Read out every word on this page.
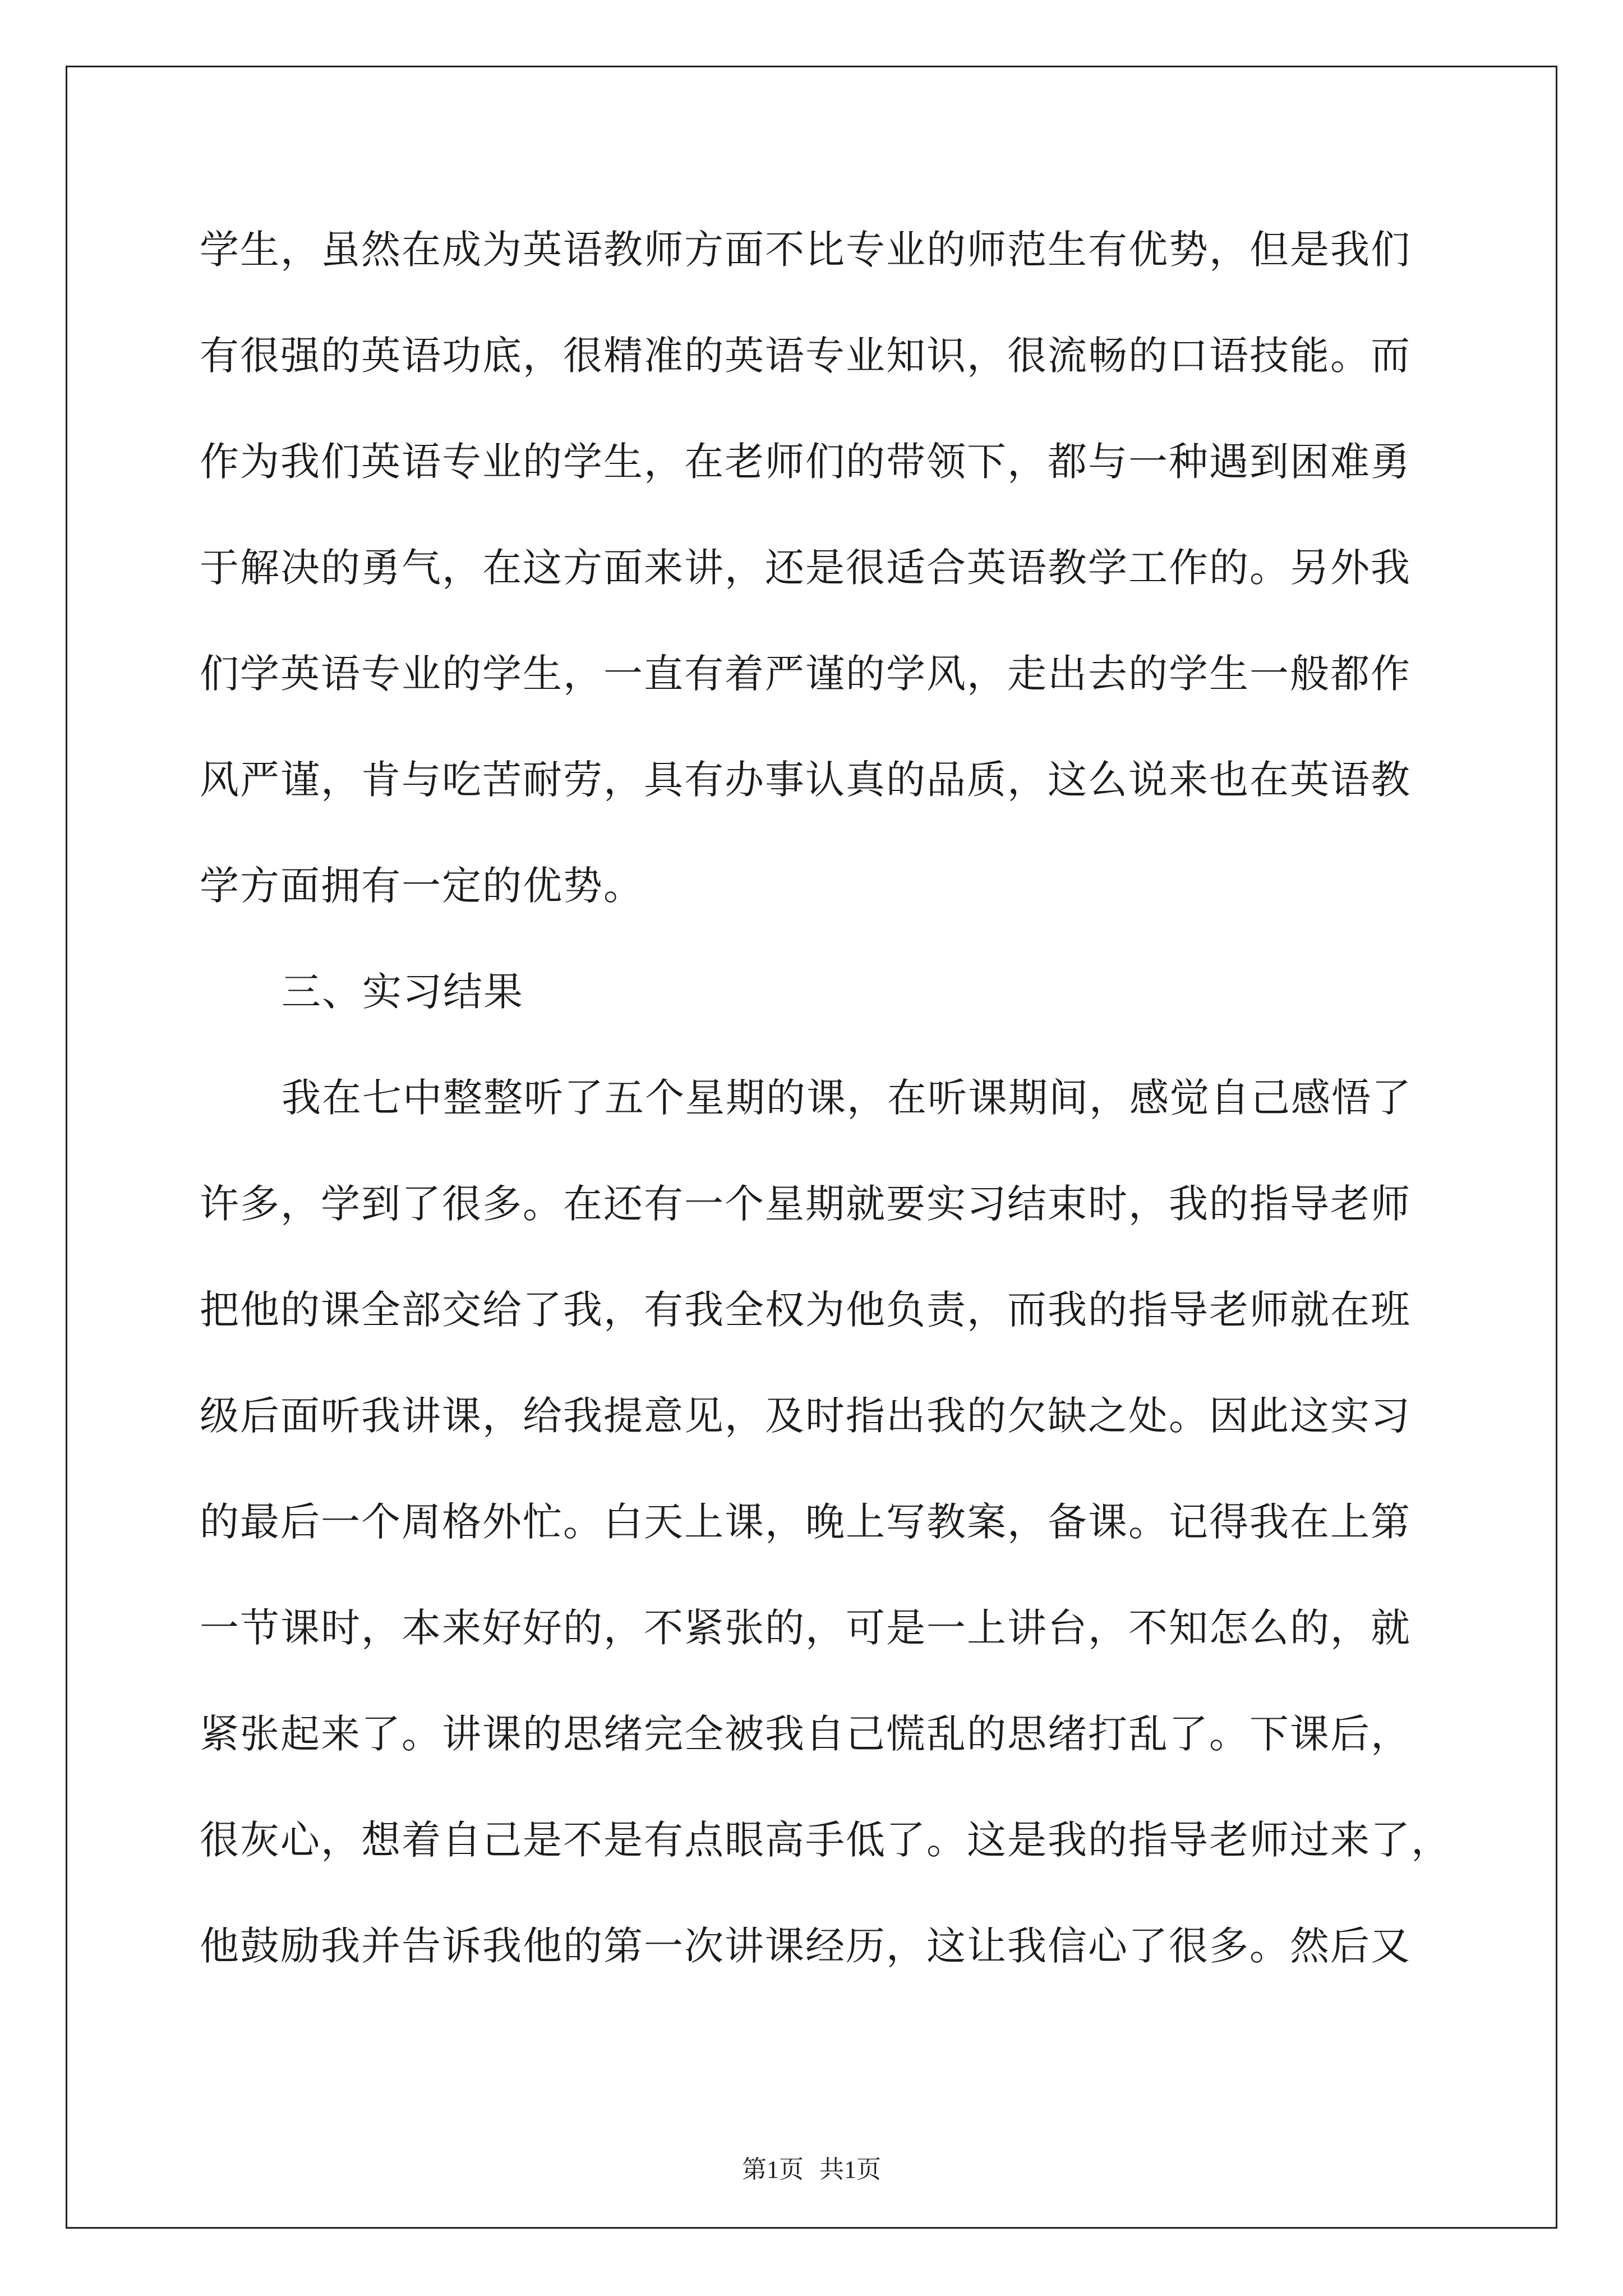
学生，虽然在成为英语教师方面不比专业的师范生有优势，但是我们
有很强的英语功底，很精准的英语专业知识，很流畅的口语技能。而
作为我们英语专业的学生，在老师们的带领下，都与一种遇到困难勇
于解决的勇气，在这方面来讲，还是很适合英语教学工作的。另外我
们学英语专业的学生，一直有着严谨的学风，走出去的学生一般都作
风严谨，肯与吃苦耐劳，具有办事认真的品质，这么说来也在英语教
学方面拥有一定的优势。
三、实习结果
我在七中整整听了五个星期的课，在听课期间，感觉自己感悟了
许多，学到了很多。在还有一个星期就要实习结束时，我的指导老师
把他的课全部交给了我，有我全权为他负责，而我的指导老师就在班
级后面听我讲课，给我提意见，及时指出我的欠缺之处。因此这实习
的最后一个周格外忙。白天上课，晚上写教案，备课。记得我在上第
一节课时，本来好好的，不紧张的，可是一上讲台，不知怎么的，就
紧张起来了。讲课的思绪完全被我自己慌乱的思绪打乱了。下课后，
很灰心，想着自己是不是有点眼高手低了。这是我的指导老师过来了，
他鼓励我并告诉我他的第一次讲课经历，这让我信心了很多。然后又
第1页 共1页
